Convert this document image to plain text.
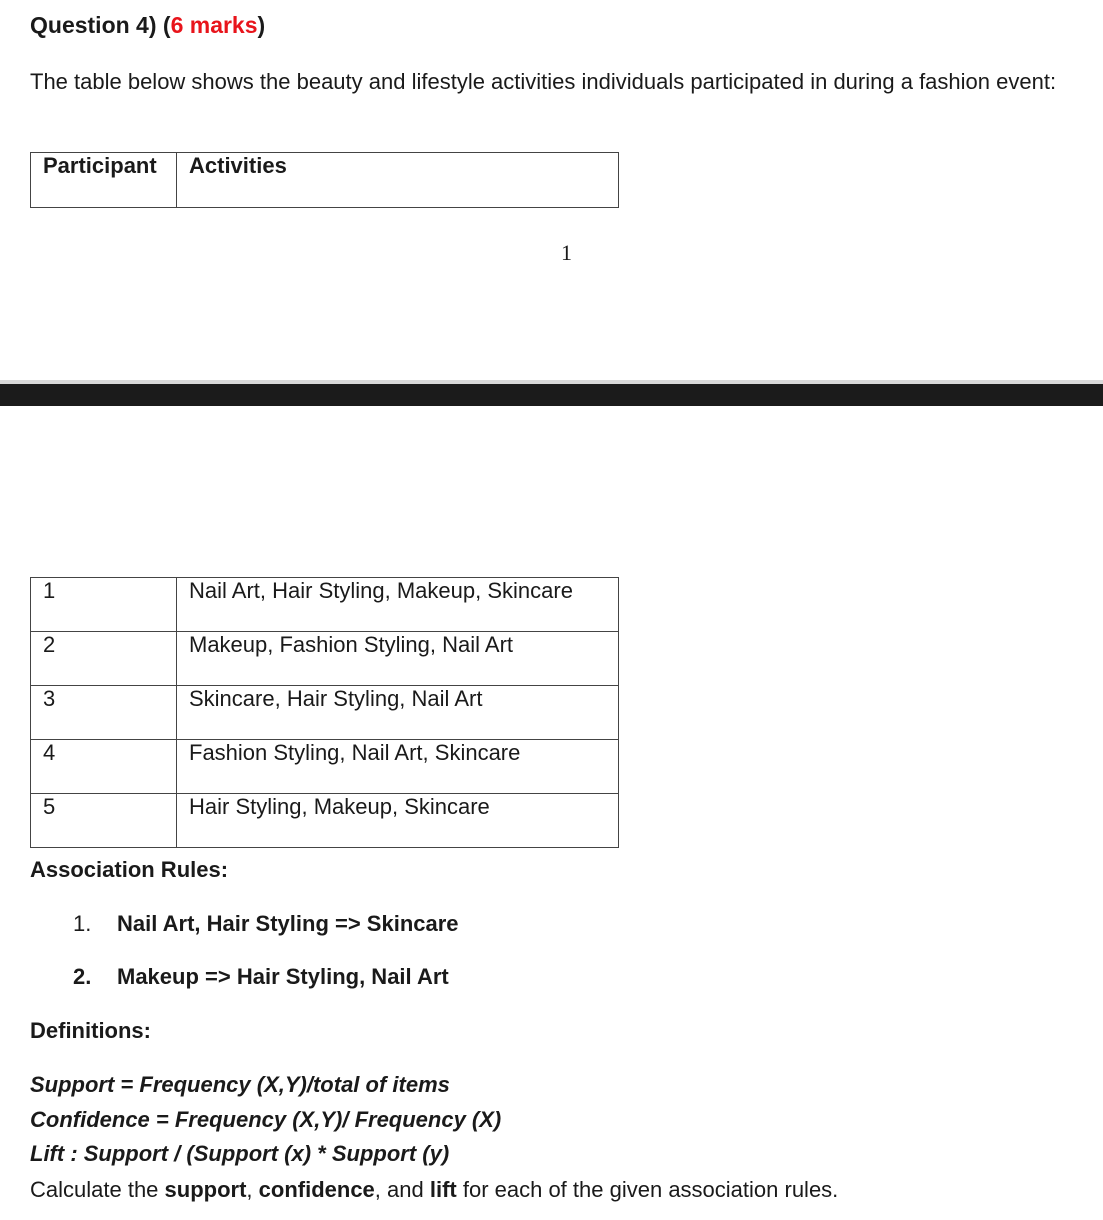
Question 4) (6 marks)
The table below shows the beauty and lifestyle activities individuals participated in during a fashion event:
Participant	Activities
1
1	Nail Art, Hair Styling, Makeup, Skincare
2	Makeup, Fashion Styling, Nail Art
3	Skincare, Hair Styling, Nail Art
4	Fashion Styling, Nail Art, Skincare
5	Hair Styling, Makeup, Skincare
Association Rules:
1. Nail Art, Hair Styling => Skincare
2. Makeup => Hair Styling, Nail Art
Definitions:
Support = Frequency (X,Y)/total of items
Confidence = Frequency (X,Y)/ Frequency (X)
Lift : Support / (Support (x) * Support (y)
Calculate the support, confidence, and lift for each of the given association rules.
